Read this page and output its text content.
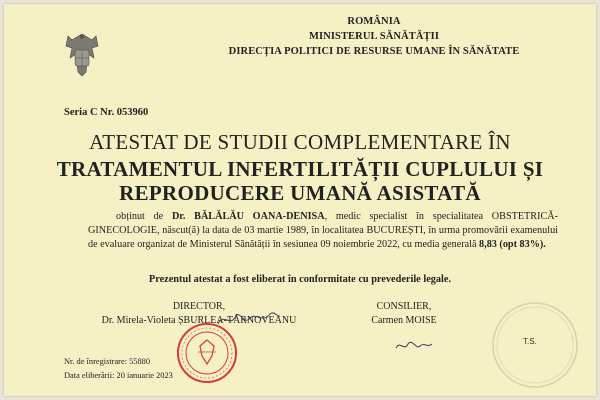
ROMÂNIA
MINISTERUL SĂNĂTĂȚII
DIRECȚIA POLITICI DE RESURSE UMANE ÎN SĂNĂTATE
Seria C Nr. 053960
ATESTAT DE STUDII COMPLEMENTARE ÎN
TRATAMENTUL INFERTILITĂȚII CUPLULUI ȘI
REPRODUCERE UMANĂ ASISTATĂ
obținut de Dr. BĂLĂLĂU OANA-DENISA, medic specialist în specialitatea OBSTETRICĂ-GINECOLOGIE, născut(ă) la data de 03 martie 1989, în localitatea BUCUREȘTI, în urma promovării examenului de evaluare organizat de Ministerul Sănătății în sesiunea 09 noiembrie 2022, cu media generală 8,83 (opt 83%).
Prezentul atestat a fost eliberat în conformitate cu prevederile legale.
DIRECTOR,
Dr. Mirela-Violeta ȘBURLEA-TÂRNOVEANU
CONSILIER,
Carmen MOISE
T.S.
Nr. de înregistrare: 55880
Data eliberării: 20 ianuarie 2023
